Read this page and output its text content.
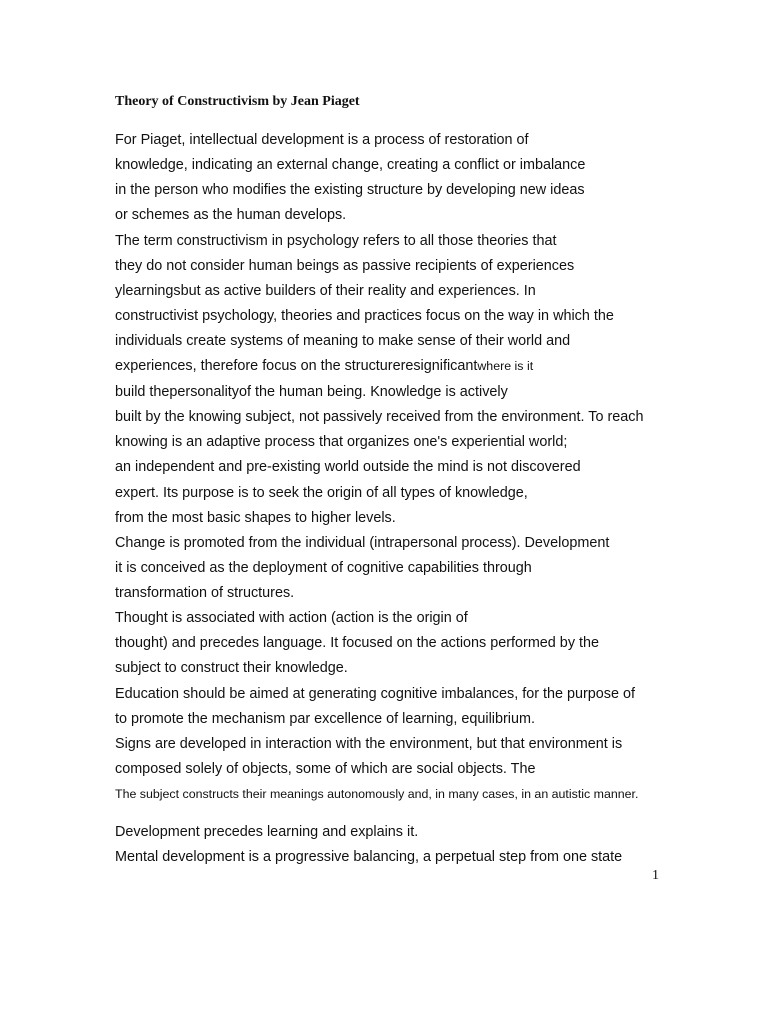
Theory of Constructivism by Jean Piaget
For Piaget, intellectual development is a process of restoration of
knowledge, indicating an external change, creating a conflict or imbalance
in the person who modifies the existing structure by developing new ideas
or schemes as the human develops.
The term constructivism in psychology refers to all those theories that
they do not consider human beings as passive recipients of experiences
ylearningsbut as active builders of their reality and experiences. In
constructivist psychology, theories and practices focus on the way in which the
individuals create systems of meaning to make sense of their world and
experiences, therefore focus on the structureresignificantwhere is it
build thepersonalityof the human being. Knowledge is actively
built by the knowing subject, not passively received from the environment. To reach
knowing is an adaptive process that organizes one's experiential world;
an independent and pre-existing world outside the mind is not discovered
expert. Its purpose is to seek the origin of all types of knowledge,
from the most basic shapes to higher levels.
Change is promoted from the individual (intrapersonal process). Development
it is conceived as the deployment of cognitive capabilities through
transformation of structures.
Thought is associated with action (action is the origin of
thought) and precedes language. It focused on the actions performed by the
subject to construct their knowledge.
Education should be aimed at generating cognitive imbalances, for the purpose of
to promote the mechanism par excellence of learning, equilibrium.
Signs are developed in interaction with the environment, but that environment is
composed solely of objects, some of which are social objects. The
The subject constructs their meanings autonomously and, in many cases, in an autistic manner.
Development precedes learning and explains it.
Mental development is a progressive balancing, a perpetual step from one state
1
